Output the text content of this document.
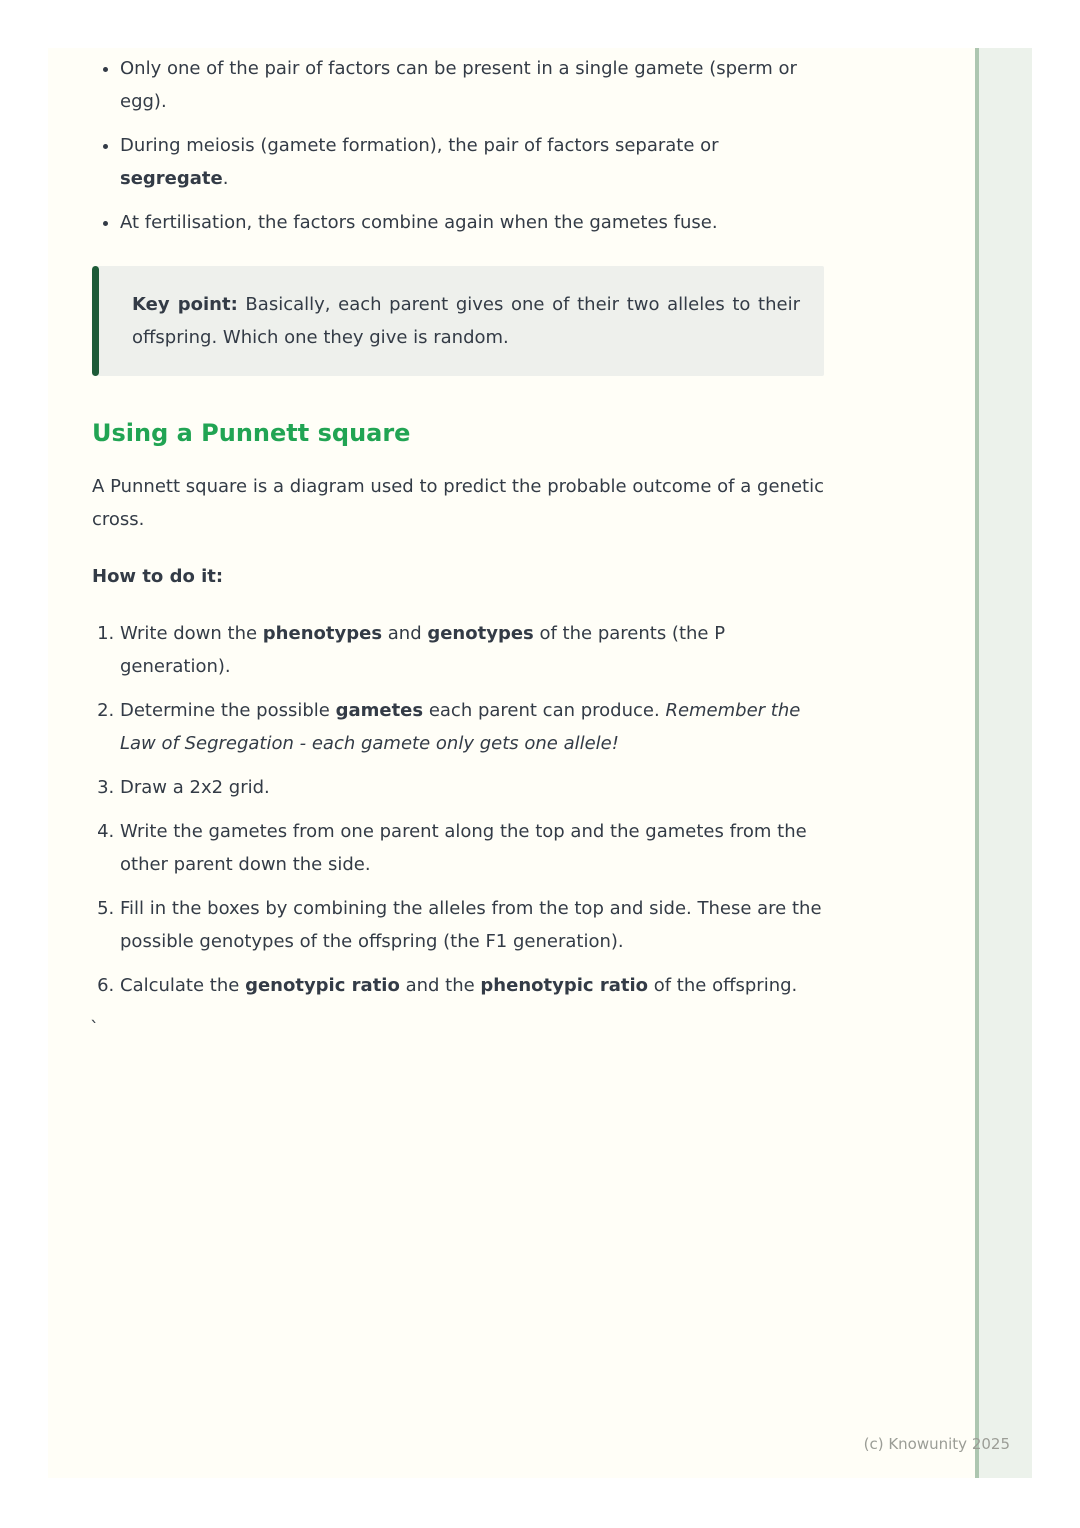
• Only one of the pair of factors can be present in a single gamete (sperm or egg).
• During meiosis (gamete formation), the pair of factors separate or segregate.
• At fertilisation, the factors combine again when the gametes fuse.

Key point: Basically, each parent gives one of their two alleles to their offspring. Which one they give is random.

Using a Punnett square

A Punnett square is a diagram used to predict the probable outcome of a genetic cross.

How to do it:

1. Write down the phenotypes and genotypes of the parents (the P generation).
2. Determine the possible gametes each parent can produce. Remember the Law of Segregation - each gamete only gets one allele!
3. Draw a 2x2 grid.
4. Write the gametes from one parent along the top and the gametes from the other parent down the side.
5. Fill in the boxes by combining the alleles from the top and side. These are the possible genotypes of the offspring (the F1 generation).
6. Calculate the genotypic ratio and the phenotypic ratio of the offspring.
`
(c) Knowunity 2025
